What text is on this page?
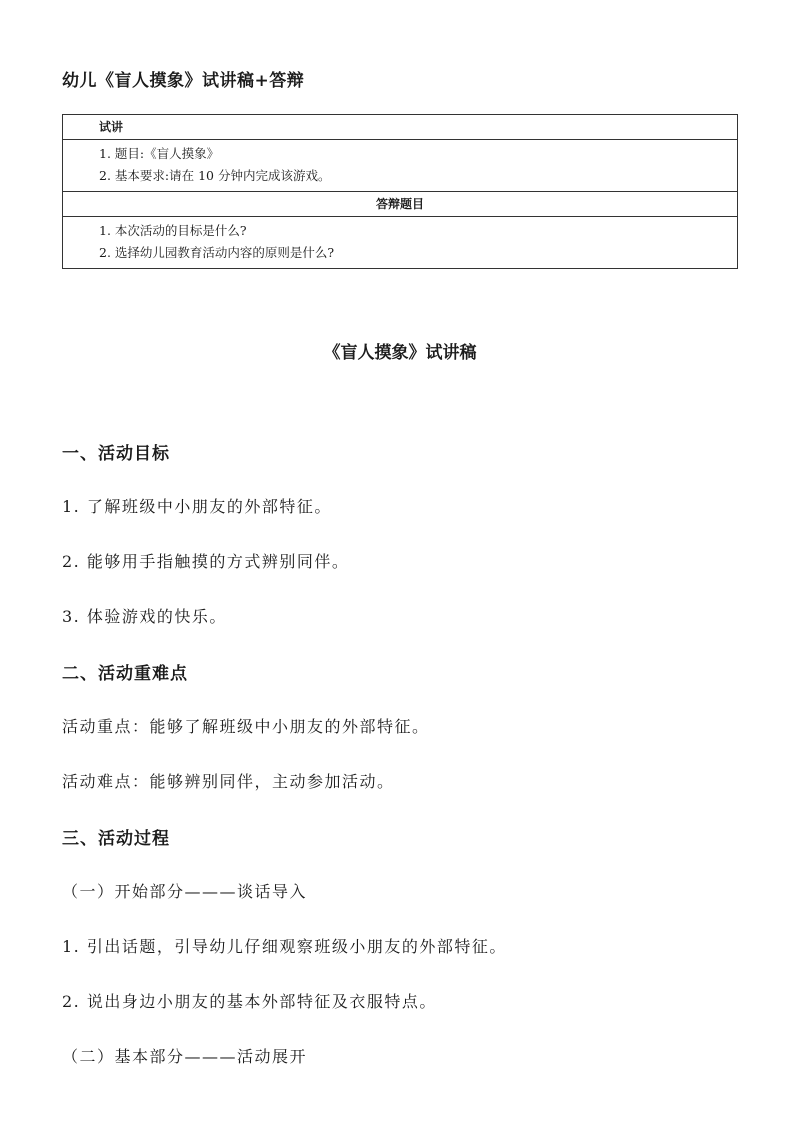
幼儿《盲人摸象》试讲稿+答辩
试讲
1. 题目:《盲人摸象》
2. 基本要求:请在 10 分钟内完成该游戏。
答辩题目
1. 本次活动的目标是什么?
2. 选择幼儿园教育活动内容的原则是什么?
《盲人摸象》试讲稿
一、活动目标
1. 了解班级中小朋友的外部特征。
2. 能够用手指触摸的方式辨别同伴。
3. 体验游戏的快乐。
二、活动重难点
活动重点：能够了解班级中小朋友的外部特征。
活动难点：能够辨别同伴，主动参加活动。
三、活动过程
（一）开始部分———谈话导入
1. 引出话题，引导幼儿仔细观察班级小朋友的外部特征。
2. 说出身边小朋友的基本外部特征及衣服特点。
（二）基本部分———活动展开
